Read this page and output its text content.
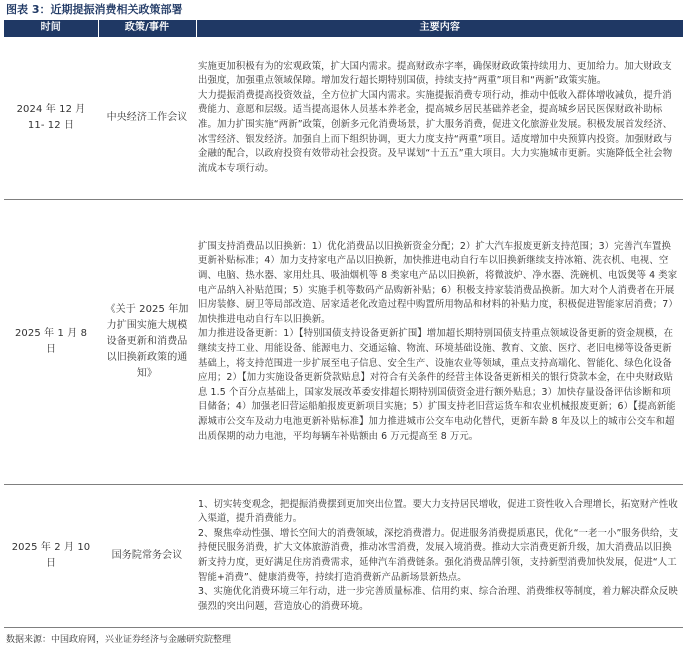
图表 3：近期提振消费相关政策部署
时间	政策/事件	主要内容
2024 年 12 月 11- 12 日	中央经济工作会议	实施更加积极有为的宏观政策，扩大国内需求。提高财政赤字率，确保财政政策持续用力、更加给力。加大财政支出强度，加强重点领域保障。增加发行超长期特别国债，持续支持“两重”项目和“两新”政策实施。

大力提振消费提高投资效益，全方位扩大国内需求。实施提振消费专项行动，推动中低收入群体增收减负，提升消费能力、意愿和层级。适当提高退休人员基本养老金，提高城乡居民基础养老金，提高城乡居民医保财政补助标准。加力扩围实施“两新”政策，创新多元化消费场景，扩大服务消费，促进文化旅游业发展。积极发展首发经济、冰雪经济、银发经济。加强自上而下组织协调，更大力度支持“两重”项目。适度增加中央预算内投资。加强财政与金融的配合，以政府投资有效带动社会投资。及早谋划“十五五”重大项目。大力实施城市更新。实施降低全社会物流成本专项行动。

2025 年 1 月 8 日	《关于 2025 年加力扩围实施大规模设备更新和消费品以旧换新政策的通知》	扩围支持消费品以旧换新：1）优化消费品以旧换新资金分配；2）扩大汽车报废更新支持范围；3）完善汽车置换更新补贴标准；4）加力支持家电产品以旧换新，加快推进电动自行车以旧换新继续支持冰箱、洗衣机、电视、空调、电脑、热水器、家用灶具、吸油烟机等 8 类家电产品以旧换新，将微波炉、净水器、洗碗机、电饭煲等 4 类家电产品纳入补贴范围；5）实施手机等数码产品购新补贴；6）积极支持家装消费品换新。加大对个人消费者在开展旧房装修、厨卫等局部改造、居家适老化改造过程中购置所用物品和材料的补贴力度，积极促进智能家居消费；7）加快推进电动自行车以旧换新。

加力推进设备更新：1）【特别国债支持设备更新扩围】增加超长期特别国债支持重点领域设备更新的资金规模，在继续支持工业、用能设备、能源电力、交通运输、物流、环境基础设施、教育、文旅、医疗、老旧电梯等设备更新基础上，将支持范围进一步扩展至电子信息、安全生产、设施农业等领域，重点支持高端化、智能化、绿色化设备应用；2）【加力实施设备更新贷款贴息】对符合有关条件的经营主体设备更新相关的银行贷款本金，在中央财政贴息 1.5 个百分点基础上，国家发展改革委安排超长期特别国债资金进行额外贴息；3）加快存量设备评估诊断和项目储备；4）加强老旧营运船舶报废更新项目实施；5）扩围支持老旧营运货车和农业机械报废更新；6）【提高新能源城市公交车及动力电池更新补贴标准】加力推进城市公交车电动化替代，更新车龄 8 年及以上的城市公交车和超出质保期的动力电池，平均每辆车补贴额由 6 万元提高至 8 万元。

2025 年 2 月 10 日	国务院常务会议	1、切实转变观念，把提振消费摆到更加突出位置。要大力支持居民增收，促进工资性收入合理增长，拓宽财产性收入渠道，提升消费能力。

2、聚焦牵动性强、增长空间大的消费领域，深挖消费潜力。促进服务消费提质惠民，优化“一老一小”服务供给，支持便民服务消费，扩大文体旅游消费，推动冰雪消费，发展入境消费。推动大宗消费更新升级，加大消费品以旧换新支持力度，更好满足住房消费需求，延伸汽车消费链条。强化消费品牌引领，支持新型消费加快发展，促进“人工智能+消费”、健康消费等，持续打造消费新产品新场景新热点。

3、实施优化消费环境三年行动，进一步完善质量标准、信用约束、综合治理、消费维权等制度，着力解决群众反映强烈的突出问题，营造放心的消费环境。

数据来源：中国政府网，兴业证券经济与金融研究院整理
